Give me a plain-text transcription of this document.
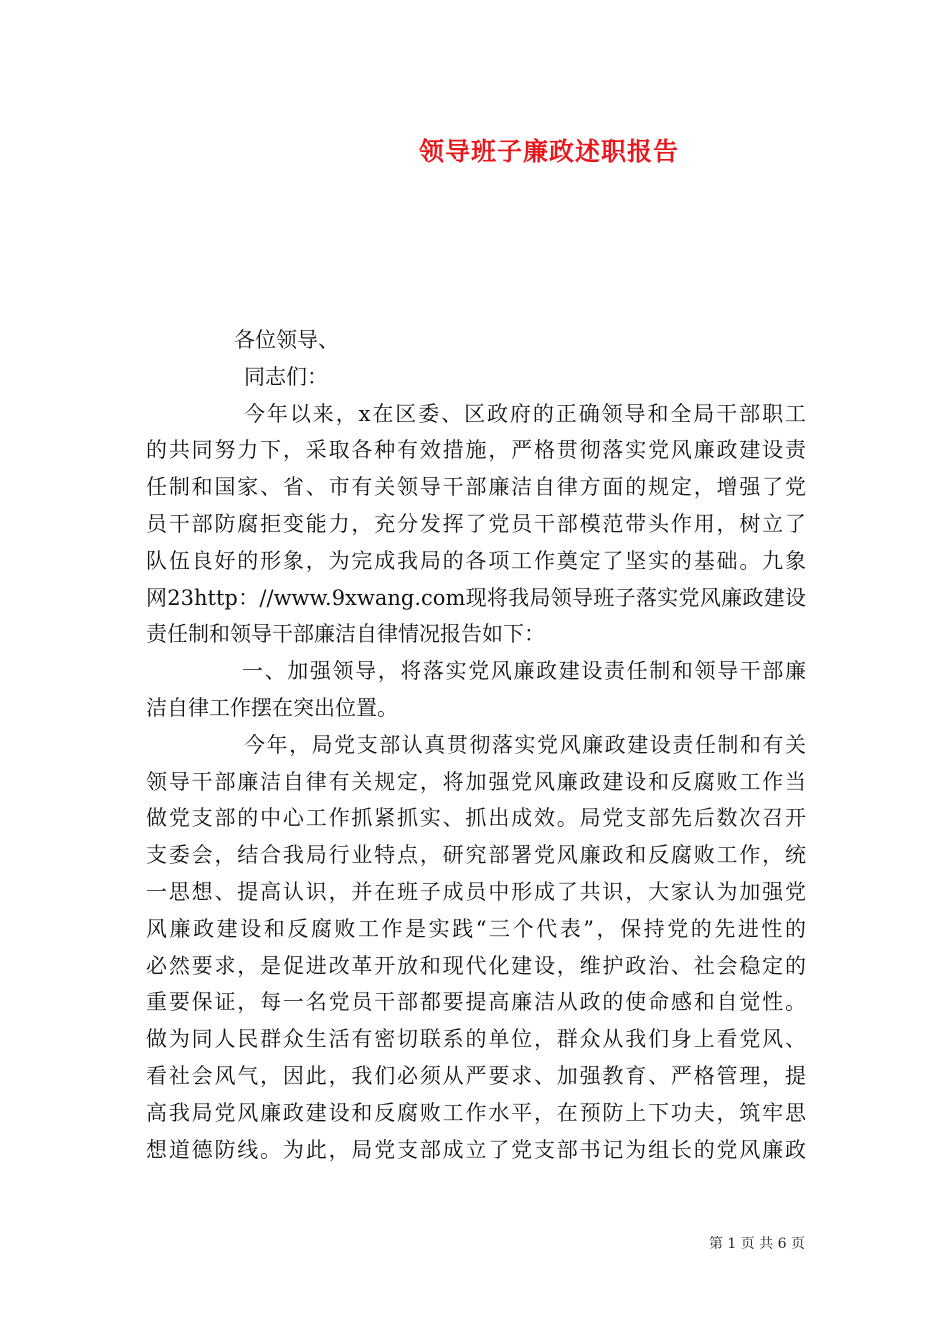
领导班子廉政述职报告
各位领导、
同志们：
今年以来，x在区委、区政府的正确领导和全局干部职工
的共同努力下，采取各种有效措施，严格贯彻落实党风廉政建设责
任制和国家、省、市有关领导干部廉洁自律方面的规定，增强了党
员干部防腐拒变能力，充分发挥了党员干部模范带头作用，树立了
队伍良好的形象，为完成我局的各项工作奠定了坚实的基础。九象
网23http：//www.9xwang.com现将我局领导班子落实党风廉政建设
责任制和领导干部廉洁自律情况报告如下：
一、加强领导，将落实党风廉政建设责任制和领导干部廉
洁自律工作摆在突出位置。
今年，局党支部认真贯彻落实党风廉政建设责任制和有关
领导干部廉洁自律有关规定，将加强党风廉政建设和反腐败工作当
做党支部的中心工作抓紧抓实、抓出成效。局党支部先后数次召开
支委会，结合我局行业特点，研究部署党风廉政和反腐败工作，统
一思想、提高认识，并在班子成员中形成了共识，大家认为加强党
风廉政建设和反腐败工作是实践“三个代表”，保持党的先进性的
必然要求，是促进改革开放和现代化建设，维护政治、社会稳定的
重要保证，每一名党员干部都要提高廉洁从政的使命感和自觉性。
做为同人民群众生活有密切联系的单位，群众从我们身上看党风、
看社会风气，因此，我们必须从严要求、加强教育、严格管理，提
高我局党风廉政建设和反腐败工作水平，在预防上下功夫，筑牢思
想道德防线。为此，局党支部成立了党支部书记为组长的党风廉政
第 1 页 共 6 页
